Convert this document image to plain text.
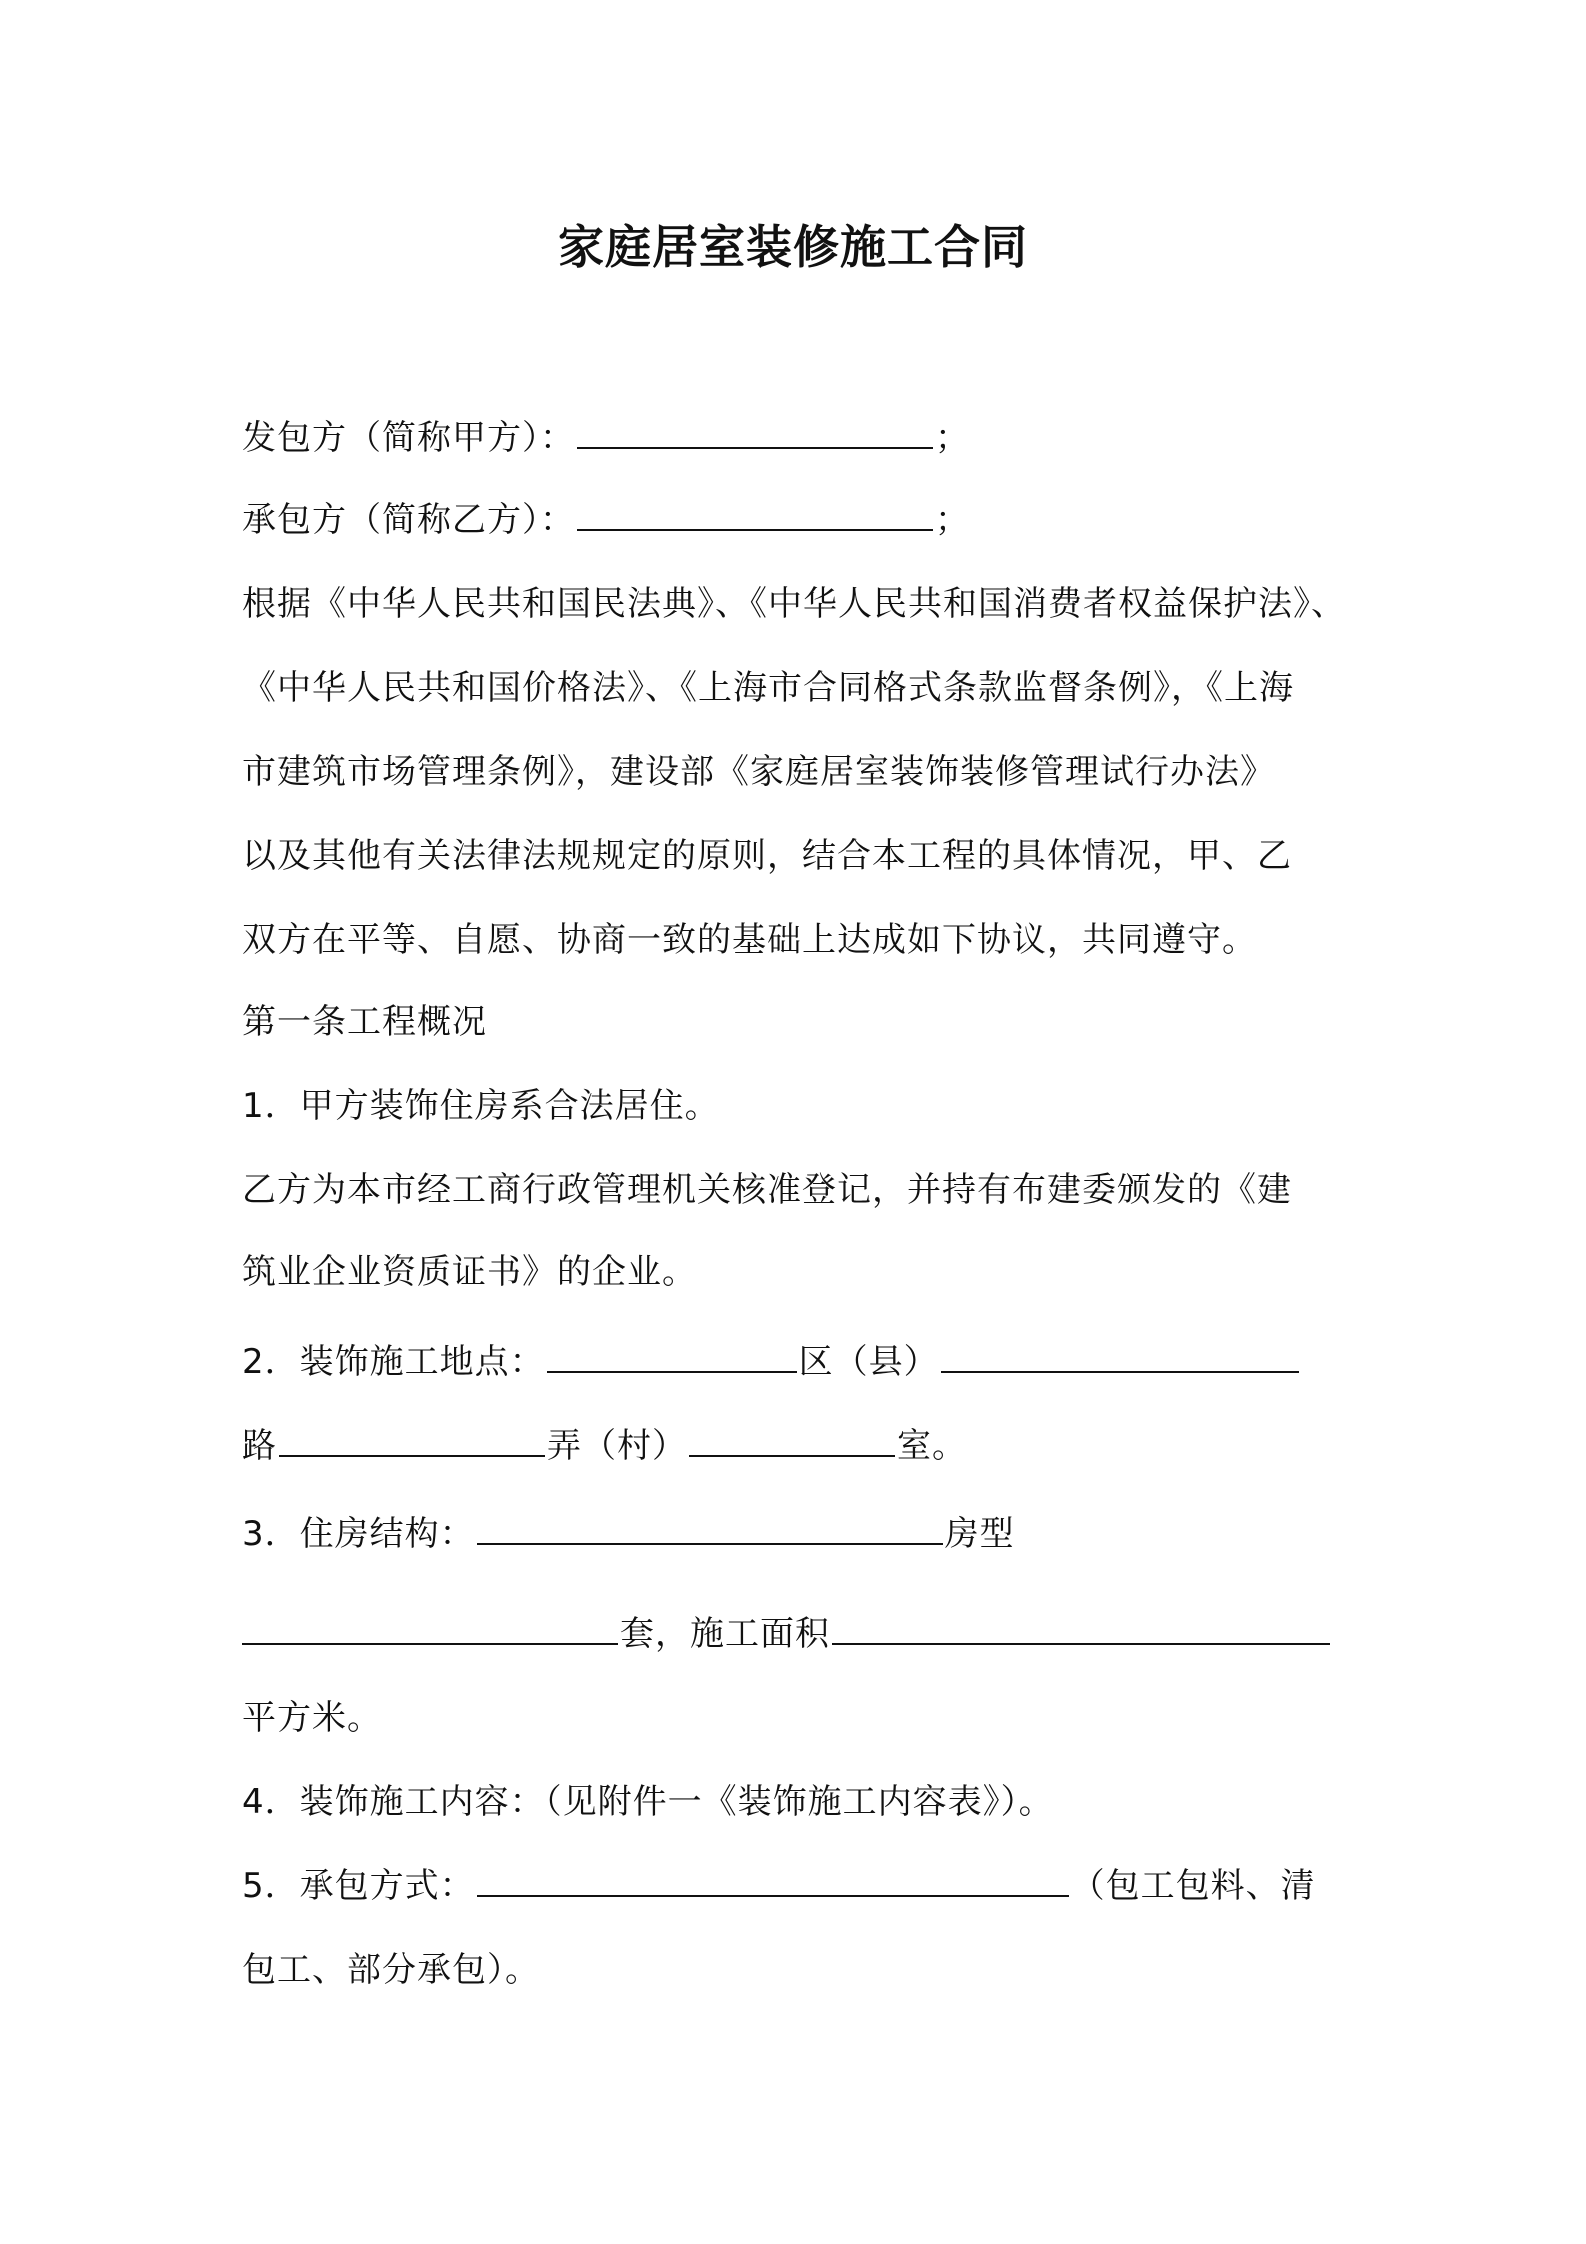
家庭居室装修施工合同
发包方（简称甲方）：	；
承包方（简称乙方）：	；
根据《中华人民共和国民法典》、《中华人民共和国消费者权益保护法》、
《中华人民共和国价格法》、《上海市合同格式条款监督条例》，《上海
市建筑市场管理条例》，建设部《家庭居室装饰装修管理试行办法》
以及其他有关法律法规规定的原则，结合本工程的具体情况，甲、乙
双方在平等、自愿、协商一致的基础上达成如下协议，共同遵守。
第一条工程概况
1．甲方装饰住房系合法居住。
乙方为本市经工商行政管理机关核准登记，并持有布建委颁发的《建
筑业企业资质证书》的企业。
2．装饰施工地点：	区（县）
路	弄（村）	室。
3．住房结构：	房型
套，施工面积
平方米。
4．装饰施工内容：（见附件一《装饰施工内容表》）。
5．承包方式：	（包工包料、清
包工、部分承包）。
